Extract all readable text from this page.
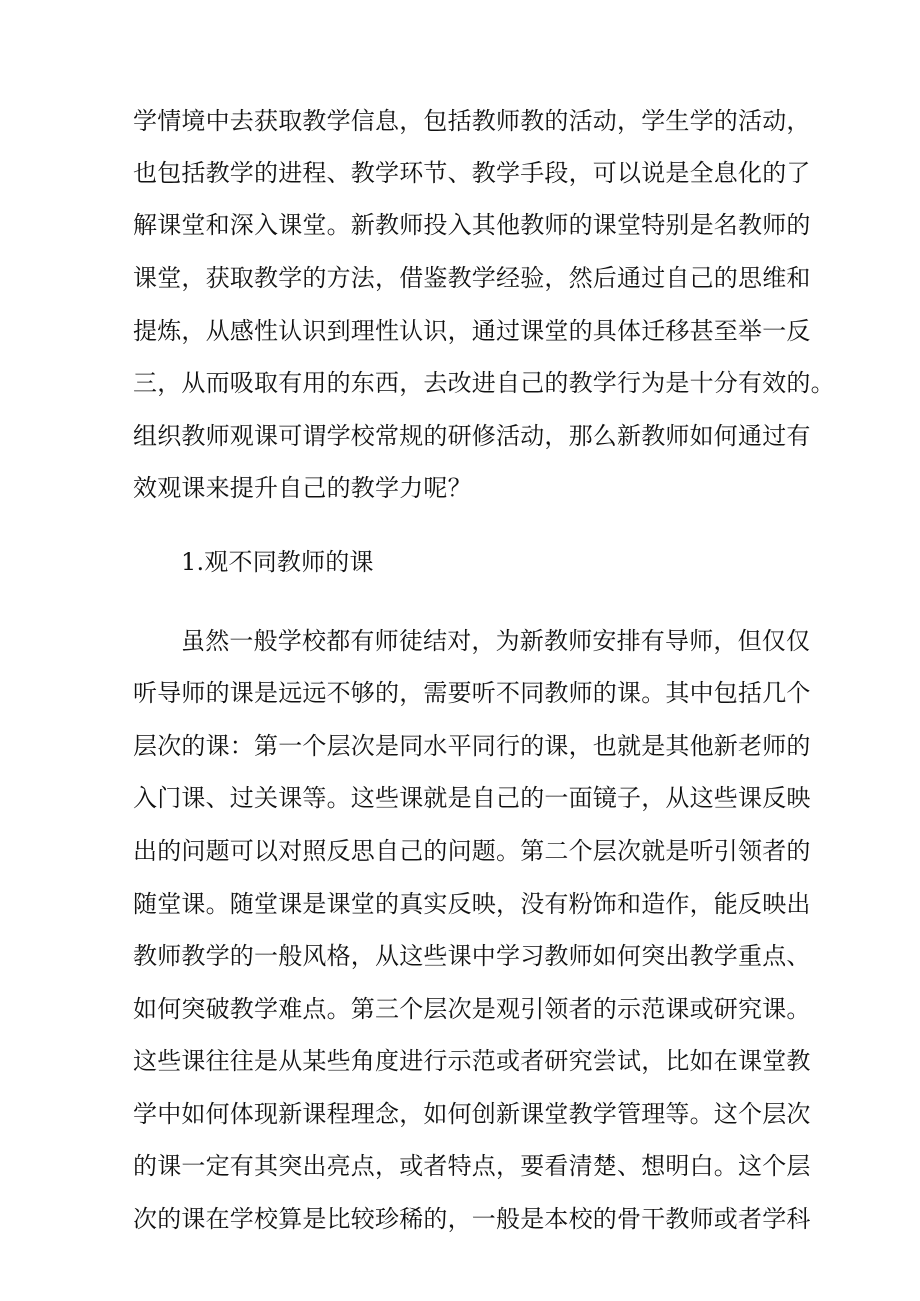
学情境中去获取教学信息，包括教师教的活动，学生学的活动，
也包括教学的进程、教学环节、教学手段，可以说是全息化的了
解课堂和深入课堂。新教师投入其他教师的课堂特别是名教师的
课堂，获取教学的方法，借鉴教学经验，然后通过自己的思维和
提炼，从感性认识到理性认识，通过课堂的具体迁移甚至举一反
三，从而吸取有用的东西，去改进自己的教学行为是十分有效的。
组织教师观课可谓学校常规的研修活动，那么新教师如何通过有
效观课来提升自己的教学力呢？
1.观不同教师的课
虽然一般学校都有师徒结对，为新教师安排有导师，但仅仅
听导师的课是远远不够的，需要听不同教师的课。其中包括几个
层次的课：第一个层次是同水平同行的课，也就是其他新老师的
入门课、过关课等。这些课就是自己的一面镜子，从这些课反映
出的问题可以对照反思自己的问题。第二个层次就是听引领者的
随堂课。随堂课是课堂的真实反映，没有粉饰和造作，能反映出
教师教学的一般风格，从这些课中学习教师如何突出教学重点、
如何突破教学难点。第三个层次是观引领者的示范课或研究课。
这些课往往是从某些角度进行示范或者研究尝试，比如在课堂教
学中如何体现新课程理念，如何创新课堂教学管理等。这个层次
的课一定有其突出亮点，或者特点，要看清楚、想明白。这个层
次的课在学校算是比较珍稀的，一般是本校的骨干教师或者学科
